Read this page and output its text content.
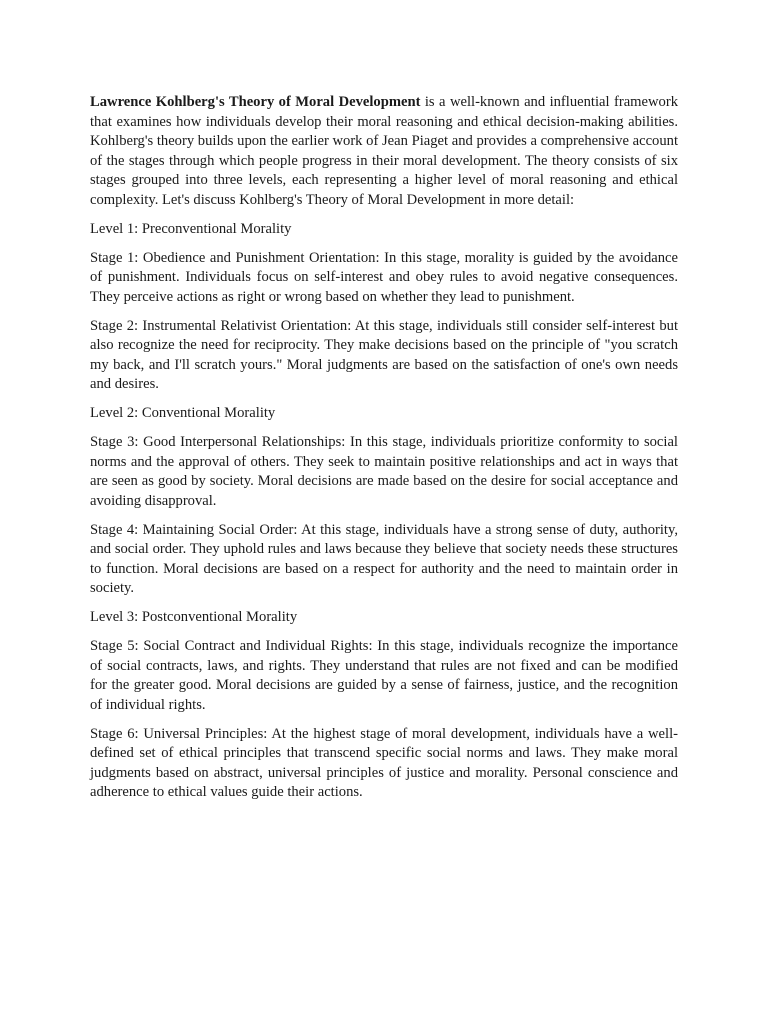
Lawrence Kohlberg's Theory of Moral Development is a well-known and influential framework that examines how individuals develop their moral reasoning and ethical decision-making abilities. Kohlberg's theory builds upon the earlier work of Jean Piaget and provides a comprehensive account of the stages through which people progress in their moral development. The theory consists of six stages grouped into three levels, each representing a higher level of moral reasoning and ethical complexity. Let's discuss Kohlberg's Theory of Moral Development in more detail:

Level 1: Preconventional Morality

Stage 1: Obedience and Punishment Orientation: In this stage, morality is guided by the avoidance of punishment. Individuals focus on self-interest and obey rules to avoid negative consequences. They perceive actions as right or wrong based on whether they lead to punishment.

Stage 2: Instrumental Relativist Orientation: At this stage, individuals still consider self-interest but also recognize the need for reciprocity. They make decisions based on the principle of "you scratch my back, and I'll scratch yours." Moral judgments are based on the satisfaction of one's own needs and desires.

Level 2: Conventional Morality

Stage 3: Good Interpersonal Relationships: In this stage, individuals prioritize conformity to social norms and the approval of others. They seek to maintain positive relationships and act in ways that are seen as good by society. Moral decisions are made based on the desire for social acceptance and avoiding disapproval.

Stage 4: Maintaining Social Order: At this stage, individuals have a strong sense of duty, authority, and social order. They uphold rules and laws because they believe that society needs these structures to function. Moral decisions are based on a respect for authority and the need to maintain order in society.

Level 3: Postconventional Morality

Stage 5: Social Contract and Individual Rights: In this stage, individuals recognize the importance of social contracts, laws, and rights. They understand that rules are not fixed and can be modified for the greater good. Moral decisions are guided by a sense of fairness, justice, and the recognition of individual rights.

Stage 6: Universal Principles: At the highest stage of moral development, individuals have a well-defined set of ethical principles that transcend specific social norms and laws. They make moral judgments based on abstract, universal principles of justice and morality. Personal conscience and adherence to ethical values guide their actions.
